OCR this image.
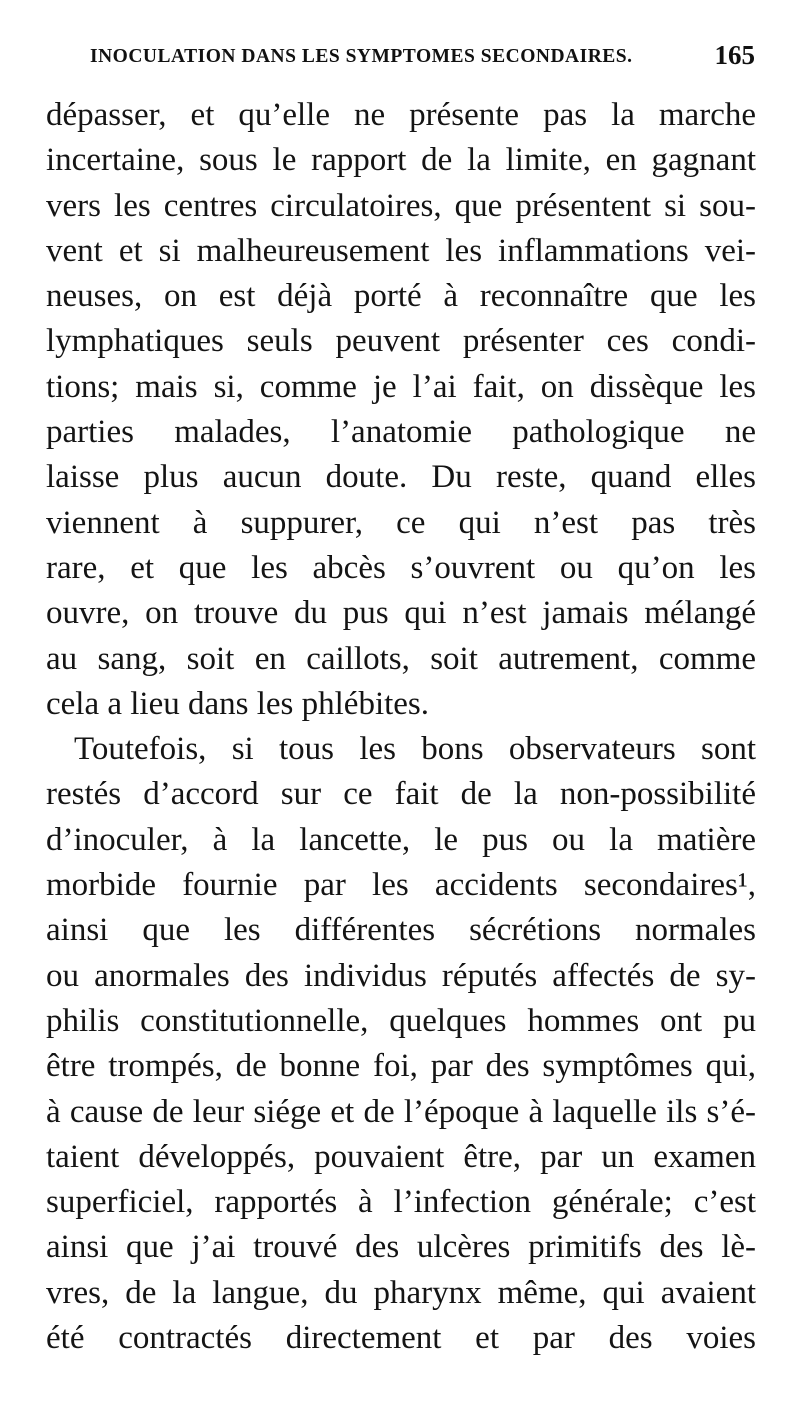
INOCULATION DANS LES SYMPTOMES SECONDAIRES.	165
dépasser, et qu’elle ne présente pas la marche
incertaine, sous le rapport de la limite, en gagnant
vers les centres circulatoires, que présentent si sou-
vent et si malheureusement les inflammations vei-
neuses, on est déjà porté à reconnaître que les
lymphatiques seuls peuvent présenter ces condi-
tions; mais si, comme je l’ai fait, on dissèque les
parties malades, l’anatomie pathologique ne
laisse plus aucun doute. Du reste, quand elles
viennent à suppurer, ce qui n’est pas très
rare, et que les abcès s’ouvrent ou qu’on les
ouvre, on trouve du pus qui n’est jamais mélangé
au sang, soit en caillots, soit autrement, comme
cela a lieu dans les phlébites.
Toutefois, si tous les bons observateurs sont
restés d’accord sur ce fait de la non-possibilité
d’inoculer, à la lancette, le pus ou la matière
morbide fournie par les accidents secondaires¹,
ainsi que les différentes sécrétions normales
ou anormales des individus réputés affectés de sy-
philis constitutionnelle, quelques hommes ont pu
être trompés, de bonne foi, par des symptômes qui,
à cause de leur siége et de l’époque à laquelle ils s’é-
taient développés, pouvaient être, par un examen
superficiel, rapportés à l’infection générale; c’est
ainsi que j’ai trouvé des ulcères primitifs des lè-
vres, de la langue, du pharynx même, qui avaient
été contractés directement et par des voies
